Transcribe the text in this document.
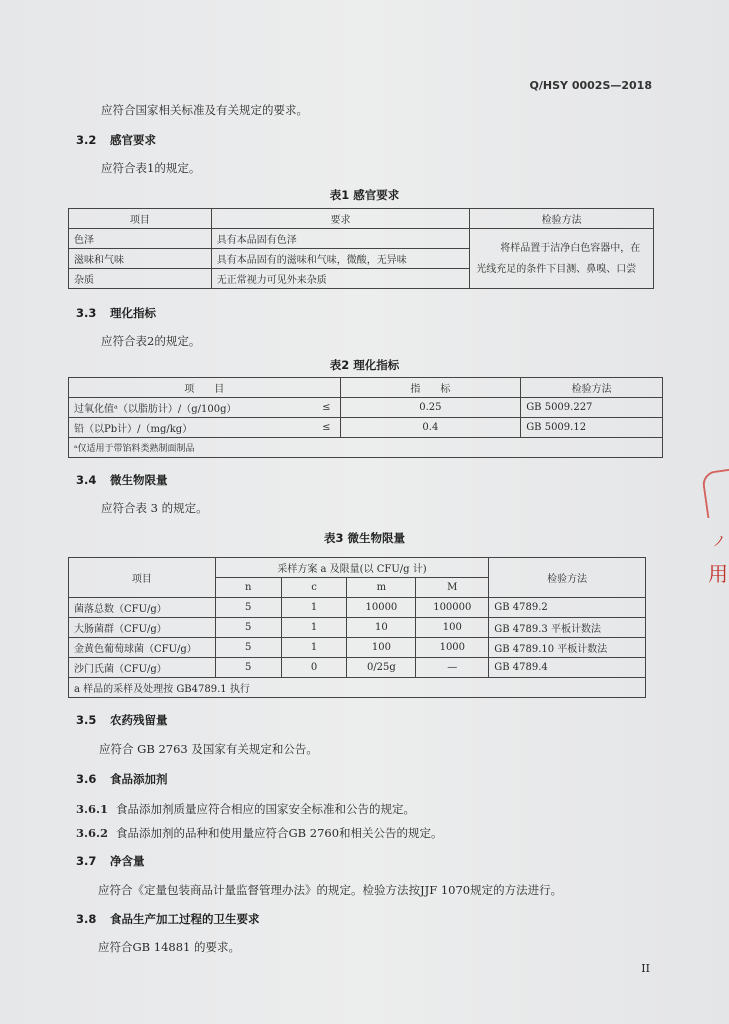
Q/HSY 0002S—2018
应符合国家相关标准及有关规定的要求。
3.2 感官要求
应符合表1的规定。
表1 感官要求
项目	要求	检验方法
色泽	具有本品固有色泽	将样品置于洁净白色容器中，在光线充足的条件下目测、鼻嗅、口尝
滋味和气味	具有本品固有的滋味和气味，微酸，无异味	
杂质	无正常视力可见外来杂质	
3.3 理化指标
应符合表2的规定。
表2 理化指标
项　　目		指　　标	检验方法
过氧化值ᵃ（以脂肪计）/（g/100g）	≤	0.25	GB 5009.227
铅（以Pb计）/（mg/kg）	≤	0.4	GB 5009.12
ᵃ仅适用于带馅料类熟制面制品			
3.4 微生物限量
应符合表 3 的规定。
表3 微生物限量
项目	采样方案 a 及限量(以 CFU/g 计)				检验方法
	n	c	m	M	
菌落总数（CFU/g）	5	1	10000	100000	GB 4789.2
大肠菌群（CFU/g）	5	1	10	100	GB 4789.3 平板计数法
金黄色葡萄球菌（CFU/g）	5	1	100	1000	GB 4789.10 平板计数法
沙门氏菌（CFU/g）	5	0	0/25g	—	GB 4789.4
a 样品的采样及处理按 GB4789.1 执行					
3.5 农药残留量
应符合 GB 2763 及国家有关规定和公告。
3.6 食品添加剂
3.6.1 食品添加剂质量应符合相应的国家安全标准和公告的规定。
3.6.2 食品添加剂的品种和使用量应符合GB 2760和相关公告的规定。
3.7 净含量
应符合《定量包装商品计量监督管理办法》的规定。检验方法按JJF 1070规定的方法进行。
3.8 食品生产加工过程的卫生要求
应符合GB 14881 的要求。
II
ノ
用
